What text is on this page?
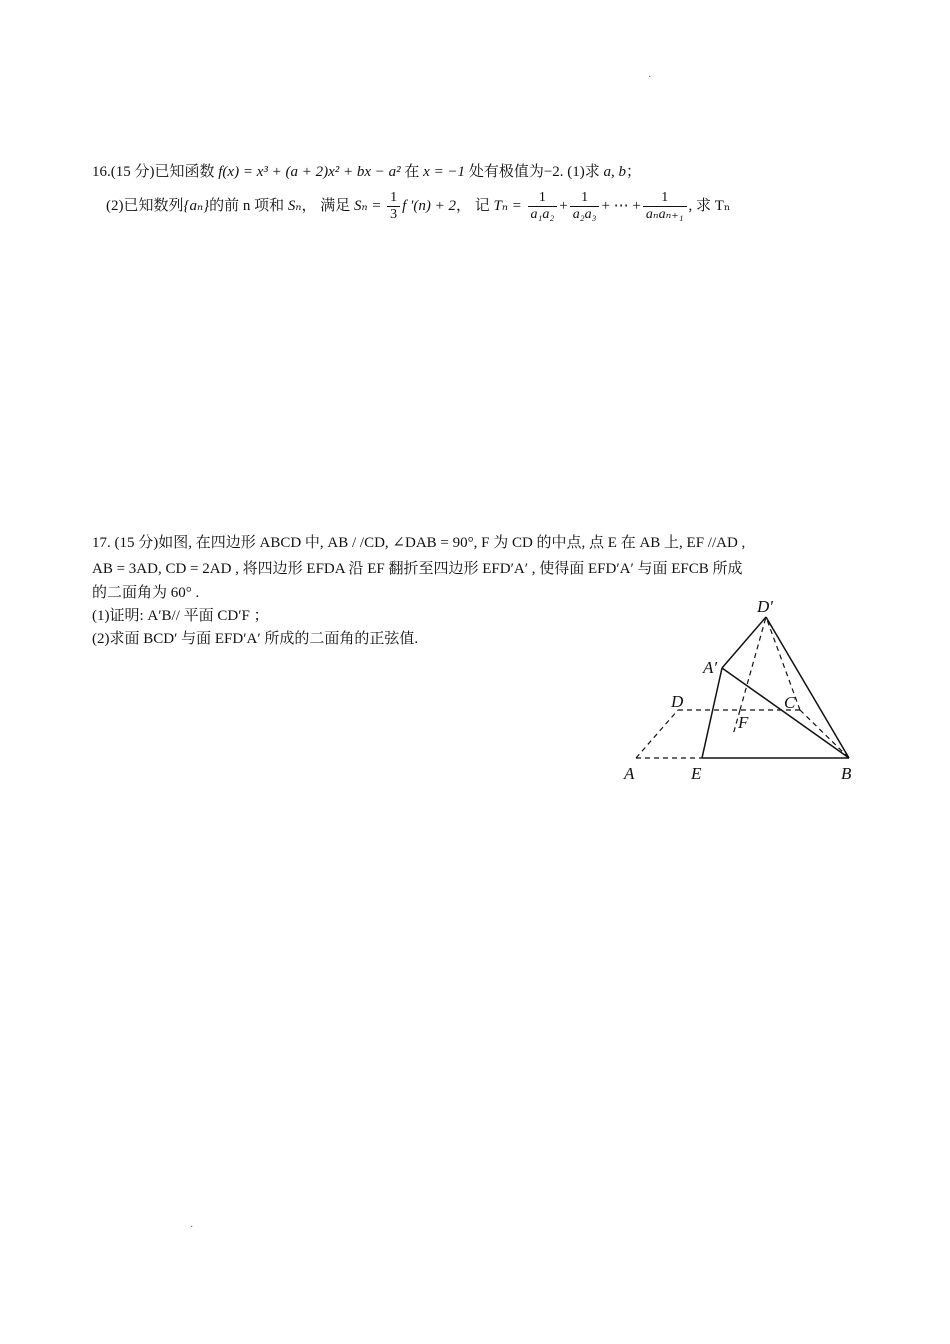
·
16.(15 分)已知函数 f(x) = x³ + (a + 2)x² + bx − a² 在 x = −1 处有极值为−2. (1)求 a, b；
(2)已知数列{aₙ}的前 n 项和 Sₙ， 满足 $S_n = \frac{1}{3}$ f ′(n) + 2， 记 $T_n = \frac{1}{\text{a₁a₂}} + \frac{1}{\text{a₂a₃}}$ + ⋯ + $\frac{1}{\text{aₙaₙ₊₁}}$ , 求 Tₙ
17. (15 分)如图, 在四边形 ABCD 中, AB / /CD, ∠DAB = 90°, F 为 CD 的中点, 点 E 在 AB 上, EF //AD ,
AB = 3AD, CD = 2AD , 将四边形 EFDA 沿 EF 翻折至四边形 EFD′A′ , 使得面 EFD′A′ 与面 EFCB 所成
的二面角为 60° .
(1)证明: A′B// 平面 CD′F ；
(2)求面 BCD′ 与面 EFD′A′ 所成的二面角的正弦值.
D′
A′
D	C
F
A	E	B
·
